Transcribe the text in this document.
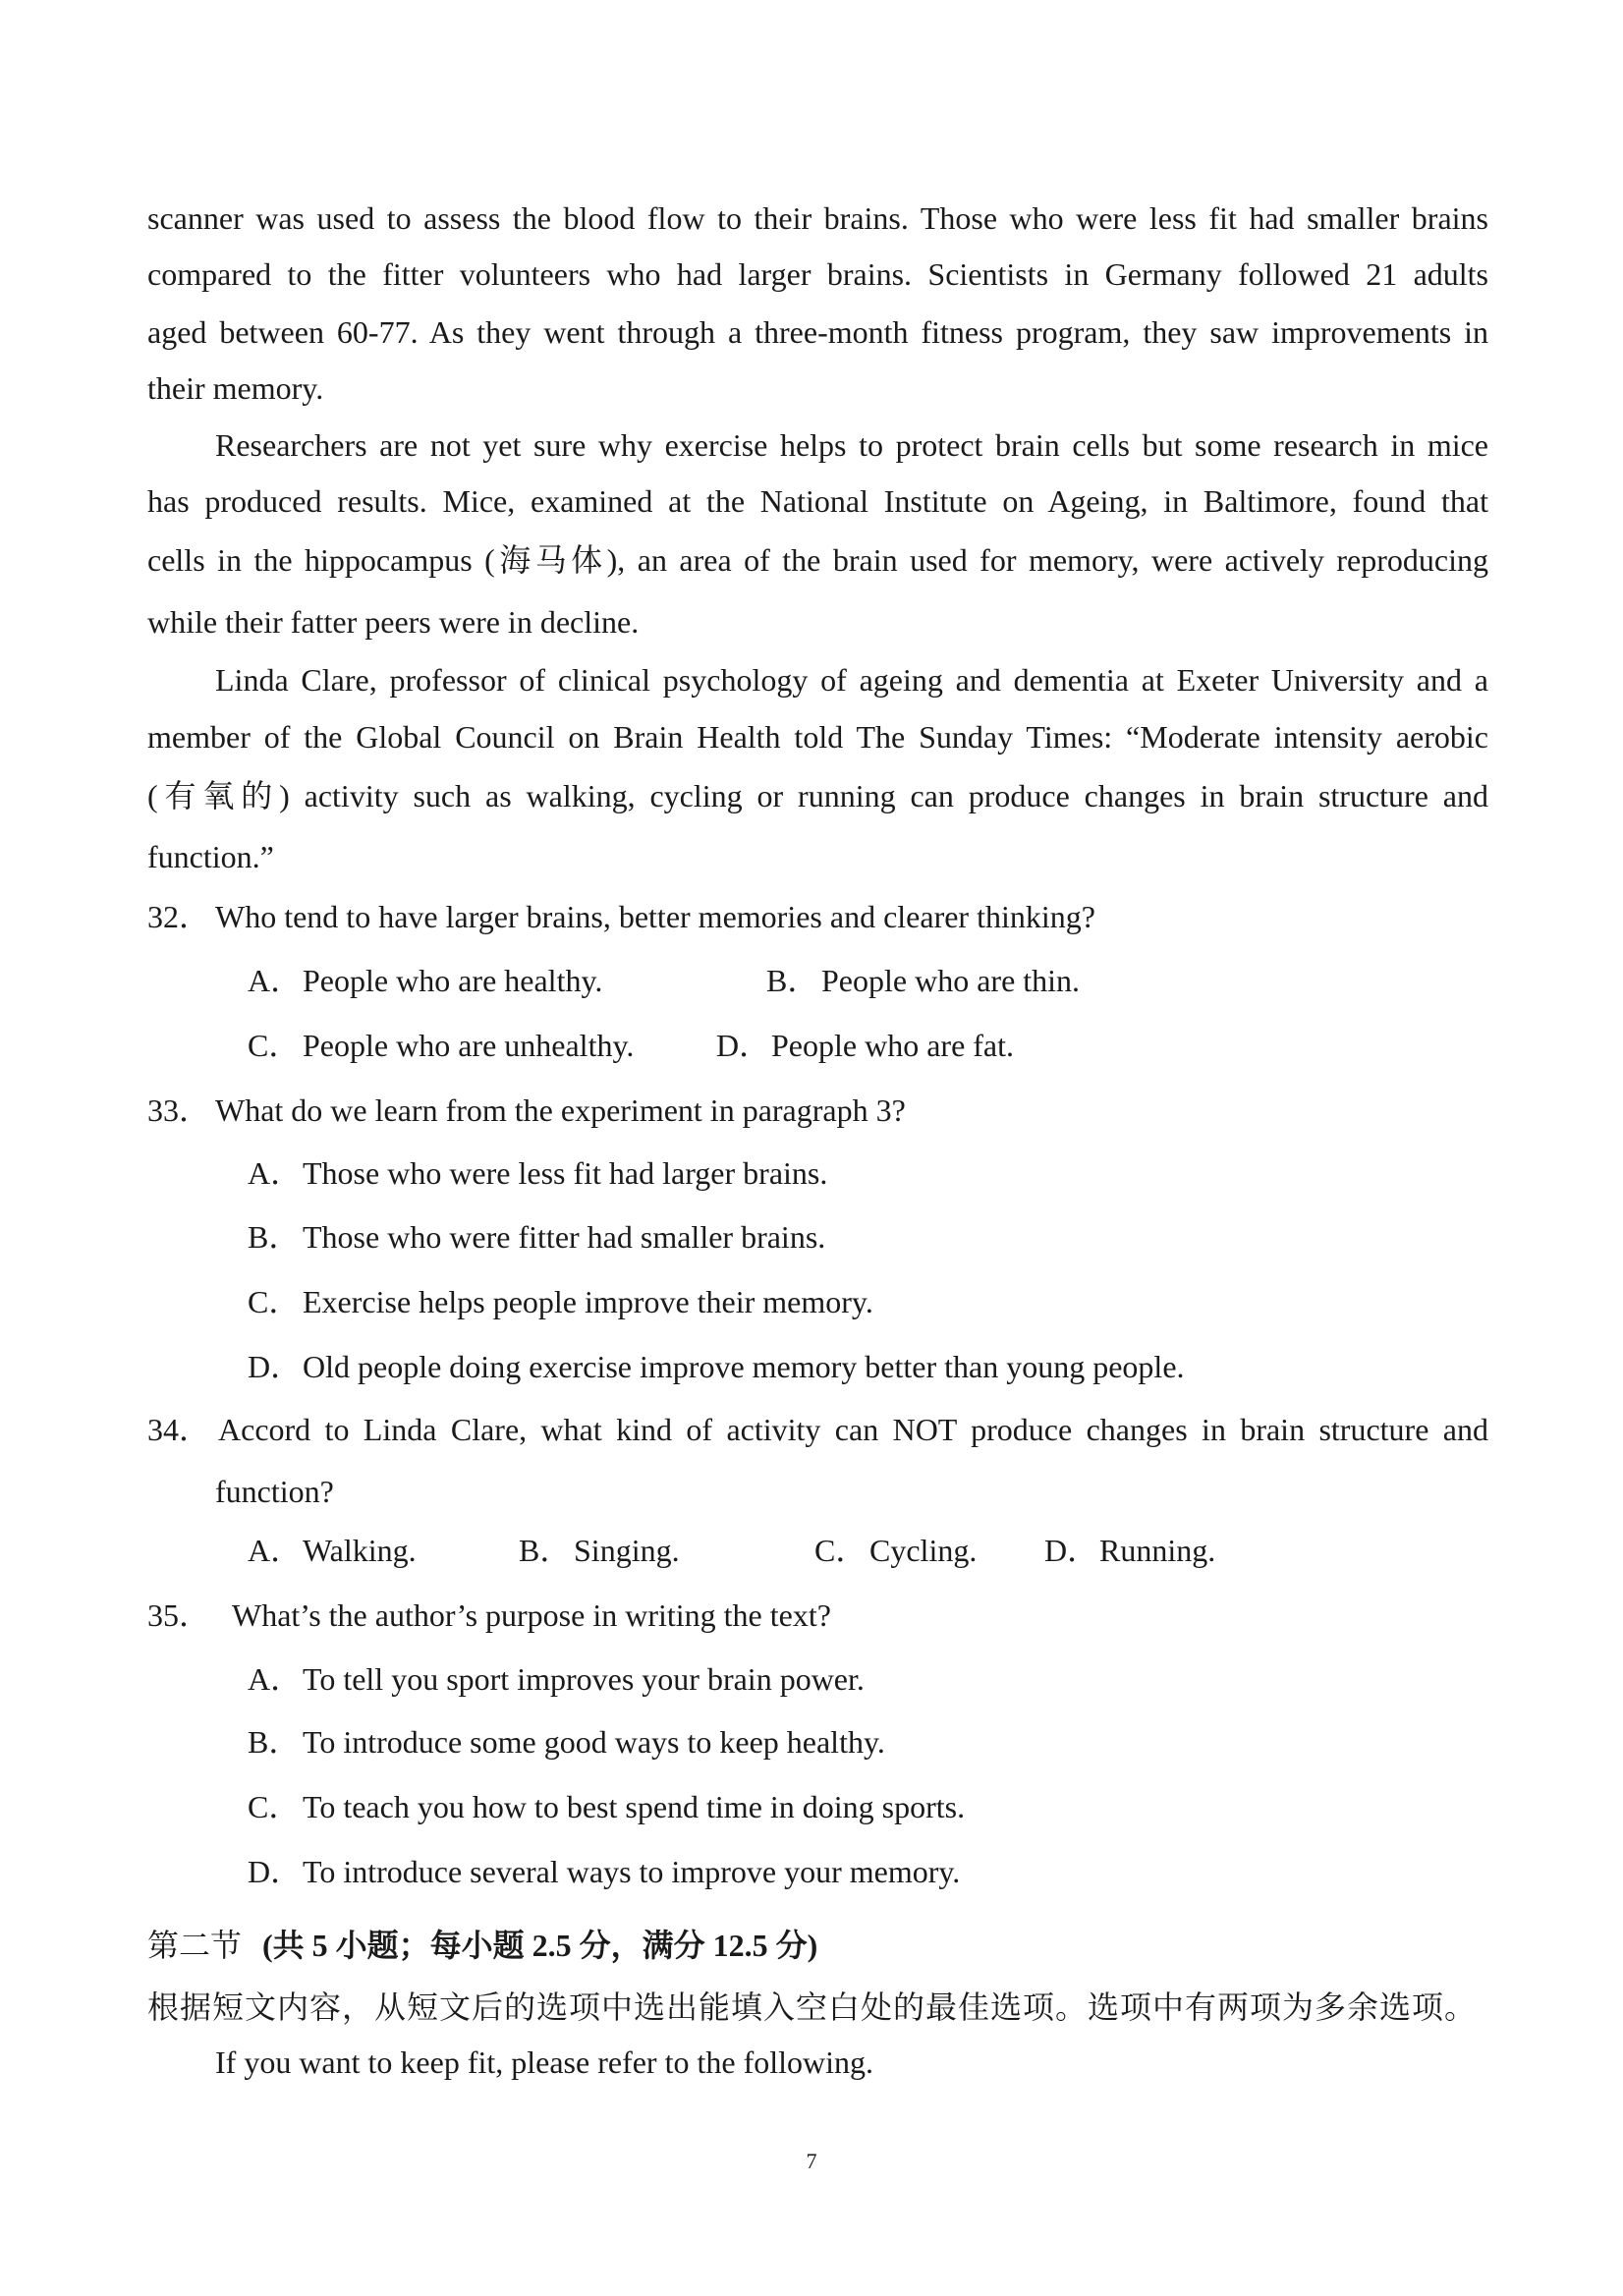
scanner was used to assess the blood flow to their brains. Those who were less fit had smaller brains
compared to the fitter volunteers who had larger brains. Scientists in Germany followed 21 adults
aged between 60-77. As they went through a three-month fitness program, they saw improvements in
their memory.
Researchers are not yet sure why exercise helps to protect brain cells but some research in mice
has produced results. Mice, examined at the National Institute on Ageing, in Baltimore, found that
cells in the hippocampus (海马体), an area of the brain used for memory, were actively reproducing
while their fatter peers were in decline.
Linda Clare, professor of clinical psychology of ageing and dementia at Exeter University and a
member of the Global Council on Brain Health told The Sunday Times: “Moderate intensity aerobic
(有氧的) activity such as walking, cycling or running can produce changes in brain structure and
function.”
32． Who tend to have larger brains, better memories and clearer thinking?
A．People who are healthy.	B．People who are thin.
C．People who are unhealthy.	D．People who are fat.
33． What do we learn from the experiment in paragraph 3?
A．Those who were less fit had larger brains.
B．Those who were fitter had smaller brains.
C．Exercise helps people improve their memory.
D．Old people doing exercise improve memory better than young people.
34． Accord to Linda Clare, what kind of activity can NOT produce changes in brain structure and
function?
A．Walking.	B．Singing.	C．Cycling. D．Running.
35． What’s the author’s purpose in writing the text?
A．To tell you sport improves your brain power.
B．To introduce some good ways to keep healthy.
C．To teach you how to best spend time in doing sports.
D．To introduce several ways to improve your memory.
第二节 (共 5 小题；每小题 2.5 分，满分 12.5 分)
根据短文内容，从短文后的选项中选出能填入空白处的最佳选项。选项中有两项为多余选项。
If you want to keep fit, please refer to the following.
7
